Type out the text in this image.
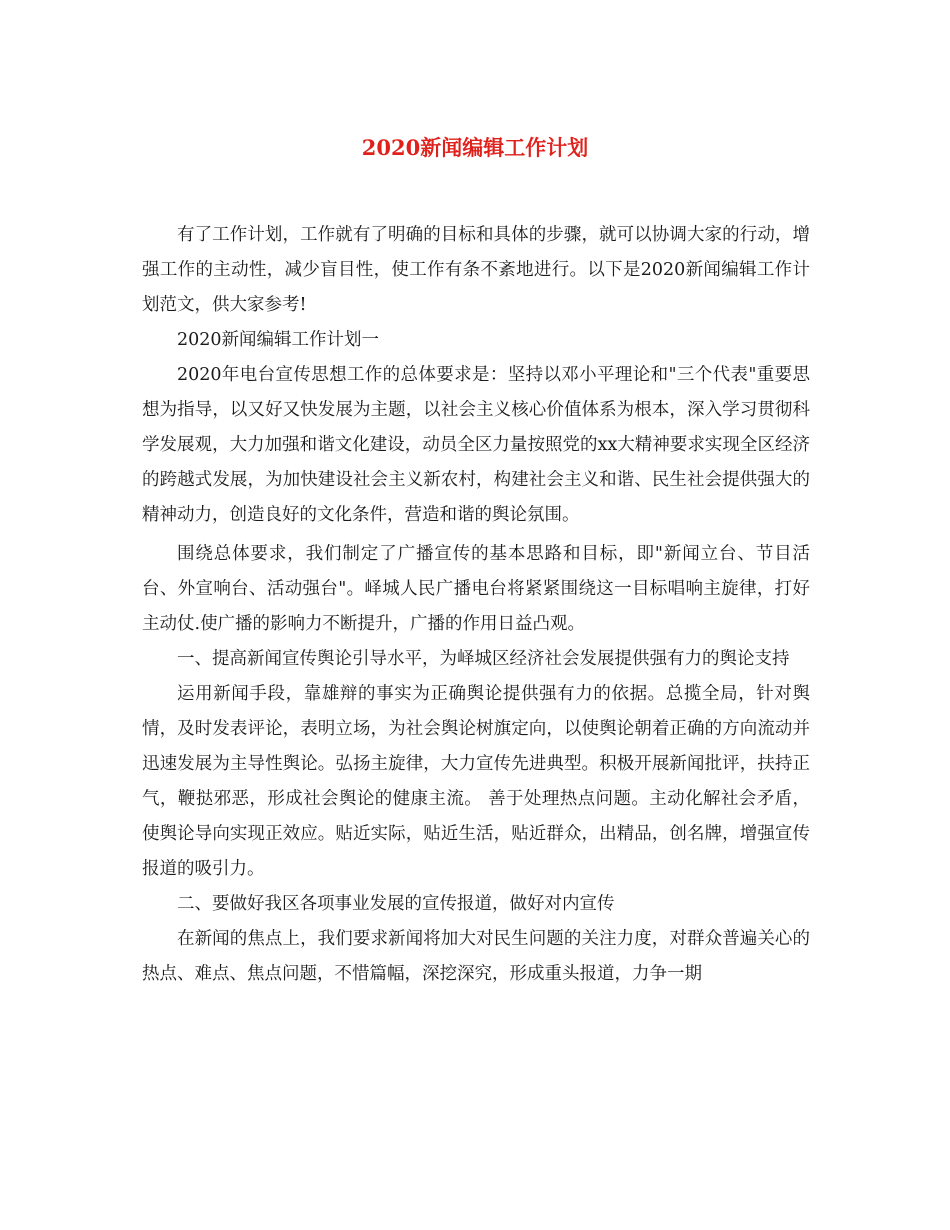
2020新闻编辑工作计划

有了工作计划，工作就有了明确的目标和具体的步骤，就可以协调大家的行动，增强工作的主动性，减少盲目性，使工作有条不紊地进行。以下是2020新闻编辑工作计划范文，供大家参考!

2020新闻编辑工作计划一

2020年电台宣传思想工作的总体要求是：坚持以邓小平理论和"三个代表"重要思想为指导，以又好又快发展为主题，以社会主义核心价值体系为根本，深入学习贯彻科学发展观，大力加强和谐文化建设，动员全区力量按照党的xx大精神要求实现全区经济的跨越式发展，为加快建设社会主义新农村，构建社会主义和谐、民生社会提供强大的精神动力，创造良好的文化条件，营造和谐的舆论氛围。

围绕总体要求，我们制定了广播宣传的基本思路和目标，即"新闻立台、节目活台、外宣响台、活动强台"。峄城人民广播电台将紧紧围绕这一目标唱响主旋律，打好主动仗.使广播的影响力不断提升，广播的作用日益凸观。

一、提高新闻宣传舆论引导水平，为峄城区经济社会发展提供强有力的舆论支持

运用新闻手段，靠雄辩的事实为正确舆论提供强有力的依据。总揽全局，针对舆情，及时发表评论，表明立场，为社会舆论树旗定向，以使舆论朝着正确的方向流动并迅速发展为主导性舆论。弘扬主旋律，大力宣传先进典型。积极开展新闻批评，扶持正气，鞭挞邪恶，形成社会舆论的健康主流。 善于处理热点问题。主动化解社会矛盾，使舆论导向实现正效应。贴近实际，贴近生活，贴近群众，出精品，创名牌，增强宣传报道的吸引力。

二、要做好我区各项事业发展的宣传报道，做好对内宣传

在新闻的焦点上，我们要求新闻将加大对民生问题的关注力度，对群众普遍关心的热点、难点、焦点问题，不惜篇幅，深挖深究，形成重头报道，力争一期
